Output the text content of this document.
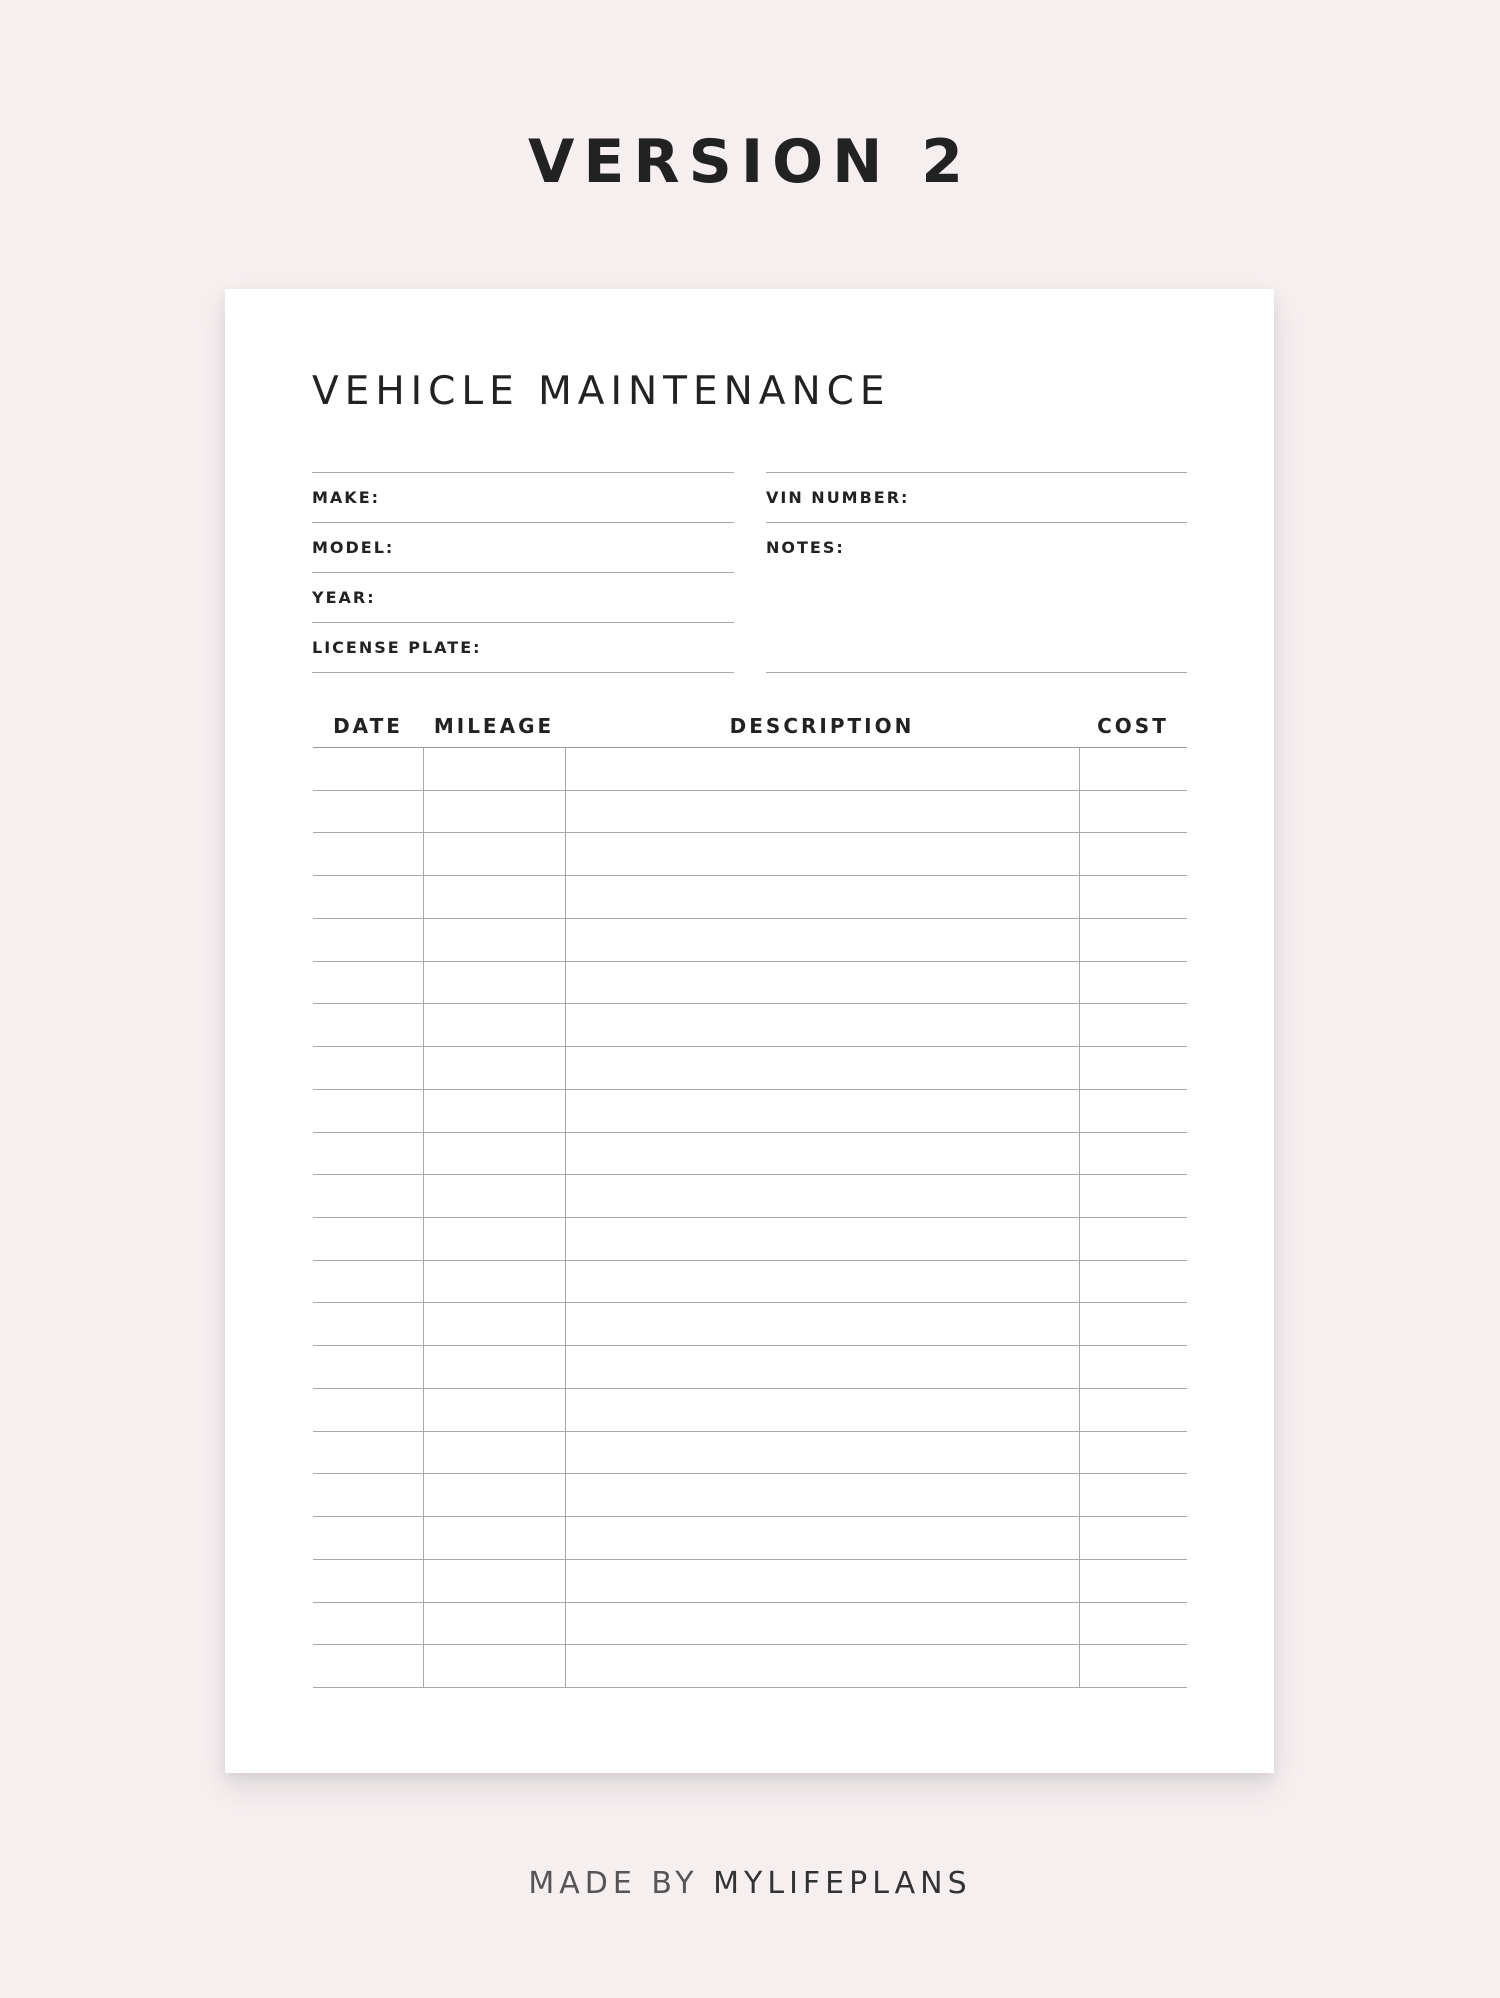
VERSION 2
VEHICLE MAINTENANCE
MAKE:
MODEL:
YEAR:
LICENSE PLATE:
VIN NUMBER:
NOTES:
DATE	MILEAGE	DESCRIPTION	COST
MADE BY MYLIFEPLANS
